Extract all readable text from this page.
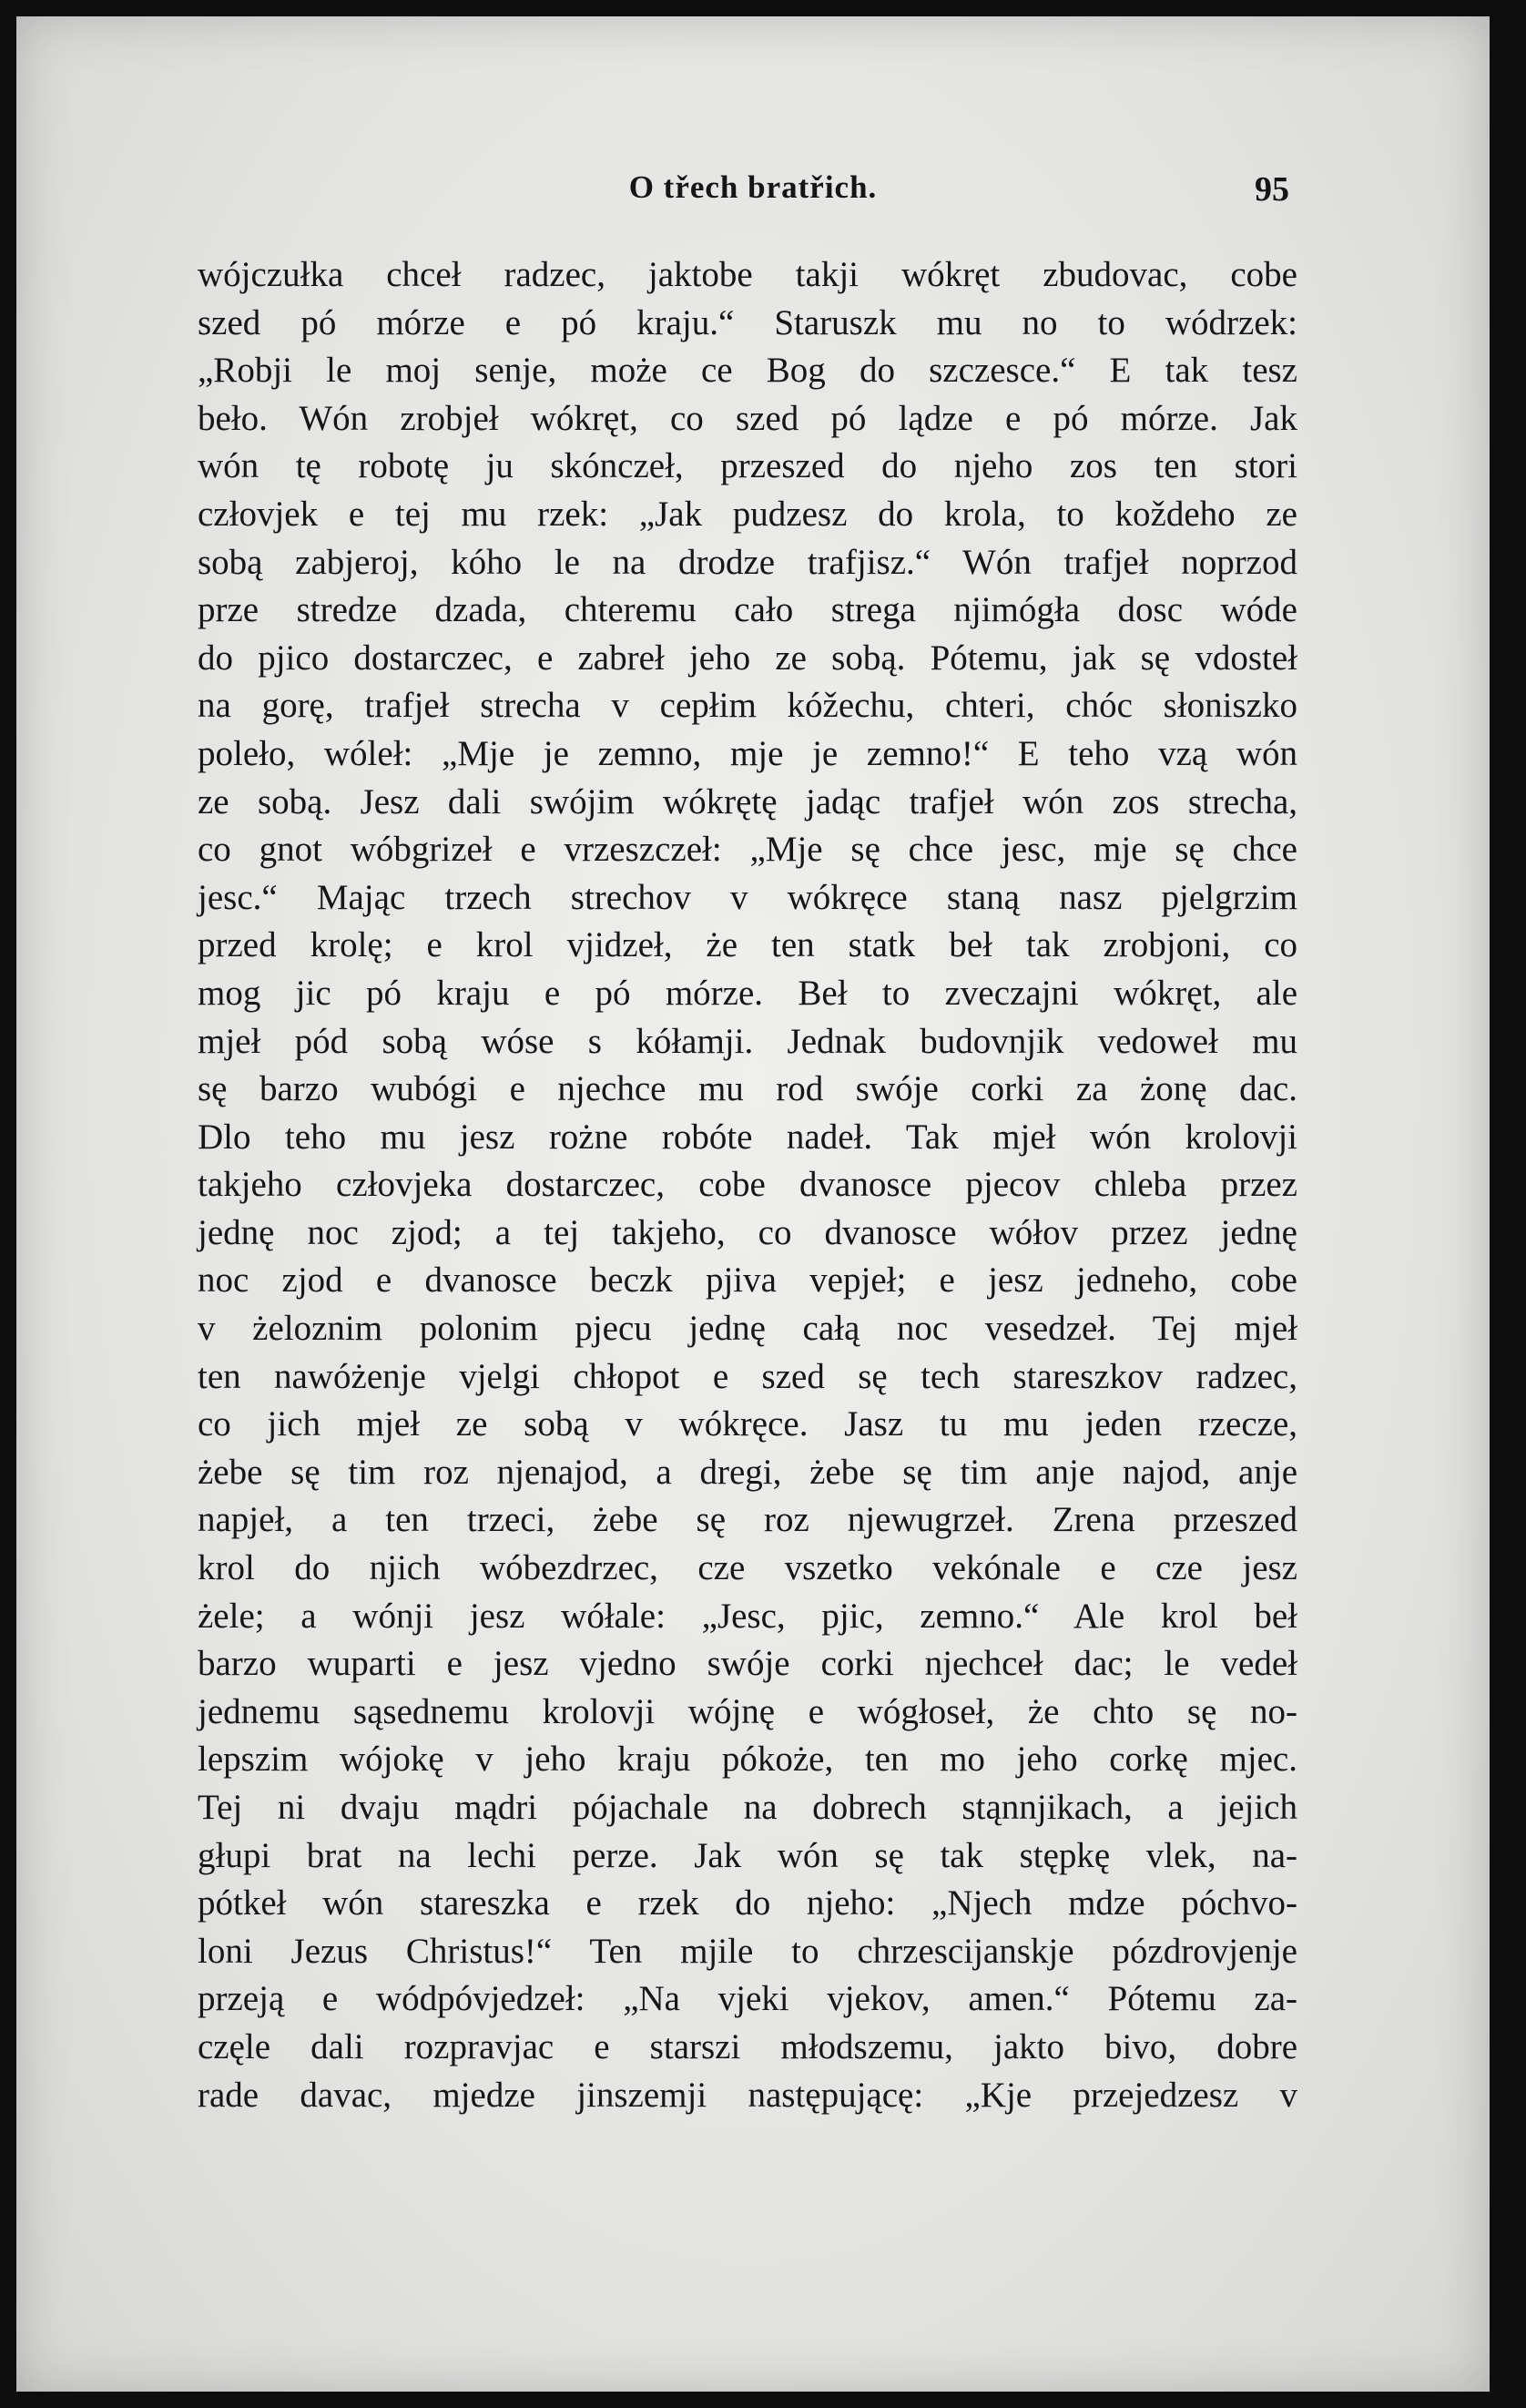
O třech bratřich.	95
wójczułka chceł radzec, jaktobe takji wókręt zbudovac, cobe
szed pó mórze e pó kraju.“ Staruszk mu no to wódrzek:
„Robji le moj senje, może ce Bog do szczesce.“ E tak tesz
beło. Wón zrobjeł wókręt, co szed pó lądze e pó mórze. Jak
wón tę robotę ju skónczeł, przeszed do njeho zos ten stori
człovjek e tej mu rzek: „Jak pudzesz do krola, to koždeho ze
sobą zabjeroj, kóho le na drodze trafjisz.“ Wón trafjeł noprzod
prze stredze dzada, chteremu cało strega njimógła dosc wóde
do pjico dostarczec, e zabreł jeho ze sobą. Pótemu, jak sę vdosteł
na gorę, trafjeł strecha v cepłim kóžechu, chteri, chóc słoniszko
poleło, wóleł: „Mje je zemno, mje je zemno!“ E teho vzą wón
ze sobą. Jesz dali swójim wókrętę jadąc trafjeł wón zos strecha,
co gnot wóbgrizeł e vrzeszczeł: „Mje sę chce jesc, mje sę chce
jesc.“ Mając trzech strechov v wókręce staną nasz pjelgrzim
przed krolę; e krol vjidzeł, że ten statk beł tak zrobjoni, co
mog jic pó kraju e pó mórze. Beł to zveczajni wókręt, ale
mjeł pód sobą wóse s kółamji. Jednak budovnjik vedoweł mu
sę barzo wubógi e njechce mu rod swóje corki za żonę dac.
Dlo teho mu jesz rożne robóte nadeł. Tak mjeł wón krolovji
takjeho człovjeka dostarczec, cobe dvanosce pjecov chleba przez
jednę noc zjod; a tej takjeho, co dvanosce wółov przez jednę
noc zjod e dvanosce beczk pjiva vepjeł; e jesz jedneho, cobe
v żeloznim polonim pjecu jednę całą noc vesedzeł. Tej mjeł
ten nawóżenje vjelgi chłopot e szed sę tech stareszkov radzec,
co jich mjeł ze sobą v wókręce. Jasz tu mu jeden rzecze,
żebe sę tim roz njenajod, a dregi, żebe sę tim anje najod, anje
napjeł, a ten trzeci, żebe sę roz njewugrzeł. Zrena przeszed
krol do njich wóbezdrzec, cze vszetko vekónale e cze jesz
żele; a wónji jesz wółale: „Jesc, pjic, zemno.“ Ale krol beł
barzo wuparti e jesz vjedno swóje corki njechceł dac; le vedeł
jednemu sąsednemu krolovji wójnę e wógłoseł, że chto sę no-
lepszim wójokę v jeho kraju pókoże, ten mo jeho corkę mjec.
Tej ni dvaju mądri pójachale na dobrech stąnnjikach, a jejich
głupi brat na lechi perze. Jak wón sę tak stępkę vlek, na-
pótkeł wón stareszka e rzek do njeho: „Njech mdze póchvo-
loni Jezus Christus!“ Ten mjile to chrzescijanskje pózdrovjenje
przeją e wódpóvjedzeł: „Na vjeki vjekov, amen.“ Pótemu za-
częle dali rozpravjac e starszi młodszemu, jakto bivo, dobre
rade davac, mjedze jinszemji następującę: „Kje przejedzesz v
